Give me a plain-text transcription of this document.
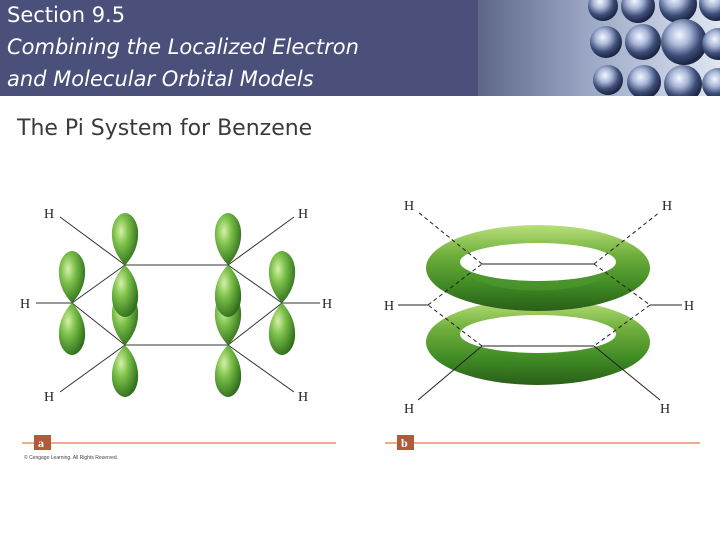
Section 9.5
Combining the Localized Electron
and Molecular Orbital Models
The Pi System for Benzene
H	H
H	H
H	H
a
H	H
H	H
H	H
b
© Cengage Learning. All Rights Reserved.
